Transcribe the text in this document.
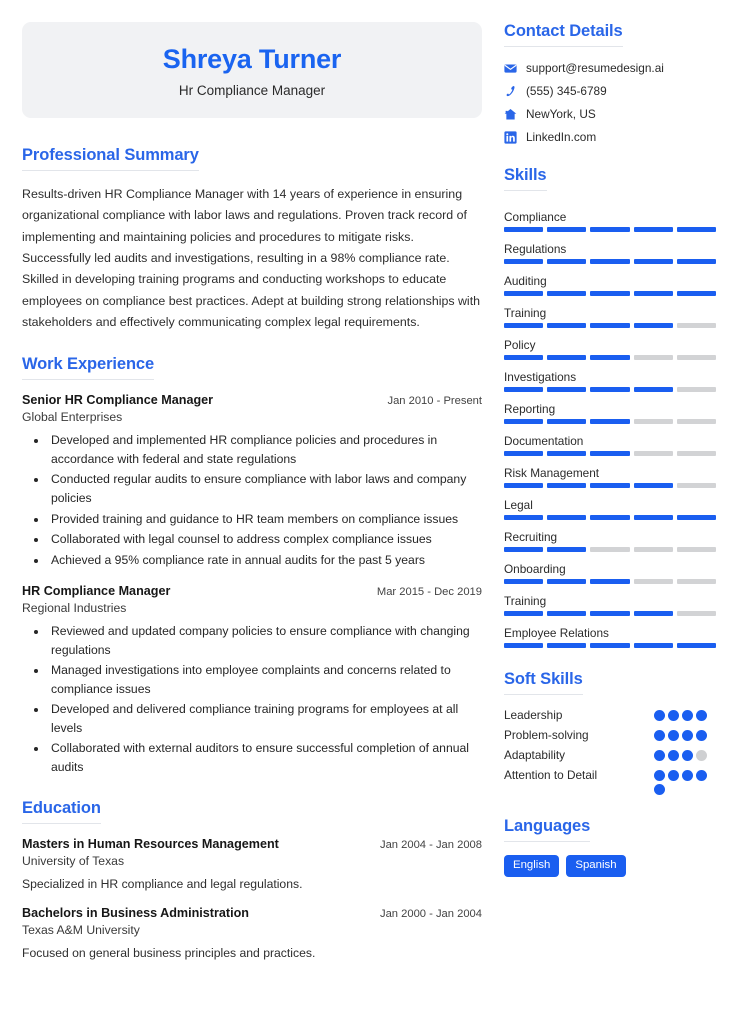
Shreya Turner
Hr Compliance Manager
Professional Summary
Results-driven HR Compliance Manager with 14 years of experience in ensuring organizational compliance with labor laws and regulations. Proven track record of implementing and maintaining policies and procedures to mitigate risks. Successfully led audits and investigations, resulting in a 98% compliance rate. Skilled in developing training programs and conducting workshops to educate employees on compliance best practices. Adept at building strong relationships with stakeholders and effectively communicating complex legal requirements.
Work Experience
Senior HR Compliance Manager	Jan 2010 - Present
Global Enterprises
• Developed and implemented HR compliance policies and procedures in accordance with federal and state regulations
• Conducted regular audits to ensure compliance with labor laws and company policies
• Provided training and guidance to HR team members on compliance issues
• Collaborated with legal counsel to address complex compliance issues
• Achieved a 95% compliance rate in annual audits for the past 5 years
HR Compliance Manager	Mar 2015 - Dec 2019
Regional Industries
• Reviewed and updated company policies to ensure compliance with changing regulations
• Managed investigations into employee complaints and concerns related to compliance issues
• Developed and delivered compliance training programs for employees at all levels
• Collaborated with external auditors to ensure successful completion of annual audits
Education
Masters in Human Resources Management	Jan 2004 - Jan 2008
University of Texas
Specialized in HR compliance and legal regulations.
Bachelors in Business Administration	Jan 2000 - Jan 2004
Texas A&M University
Focused on general business principles and practices.
Contact Details
support@resumedesign.ai
(555) 345-6789
NewYork, US
LinkedIn.com
Skills
Compliance
Regulations
Auditing
Training
Policy
Investigations
Reporting
Documentation
Risk Management
Legal
Recruiting
Onboarding
Training
Employee Relations
Soft Skills
Leadership
Problem-solving
Adaptability
Attention to Detail
Languages
English	Spanish
